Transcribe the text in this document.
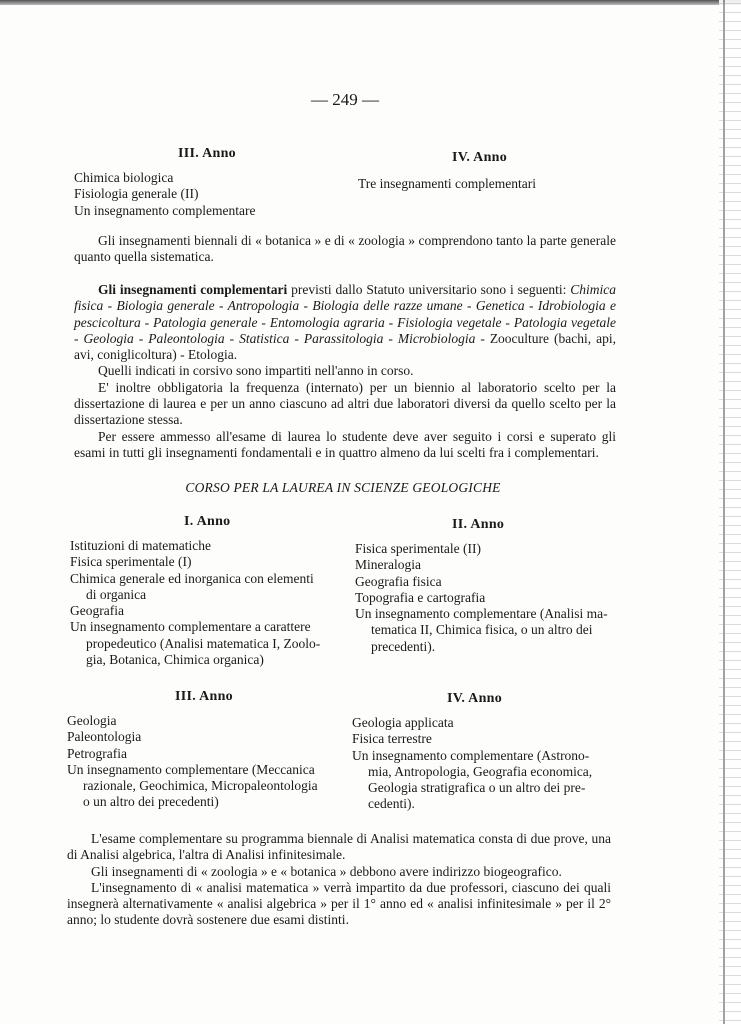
— 249 —
III. Anno
Chimica biologica
Fisiologia generale (II)
Un insegnamento complementare
IV. Anno
Tre insegnamenti complementari

Gli insegnamenti biennali di « botanica » e di « zoologia » comprendono tanto la parte generale quanto quella sistematica.

Gli insegnamenti complementari previsti dallo Statuto universitario sono i seguenti: Chimica fisica - Biologia generale - Antropologia - Biologia delle razze umane - Genetica - Idrobiologia e pescicoltura - Patologia generale - Entomologia agraria - Fisiologia vegetale - Patologia vegetale - Geologia - Paleontologia - Statistica - Parassitologia - Microbiologia - Zooculture (bachi, api, avi, coniglicoltura) - Etologia.

Quelli indicati in corsivo sono impartiti nell'anno in corso.

E' inoltre obbligatoria la frequenza (internato) per un biennio al laboratorio scelto per la dissertazione di laurea e per un anno ciascuno ad altri due laboratori diversi da quello scelto per la dissertazione stessa.

Per essere ammesso all'esame di laurea lo studente deve aver seguito i corsi e superato gli esami in tutti gli insegnamenti fondamentali e in quattro almeno da lui scelti fra i complementari.

CORSO PER LA LAUREA IN SCIENZE GEOLOGICHE
I. Anno
Istituzioni di matematiche
Fisica sperimentale (I)
Chimica generale ed inorganica con elementi
di organica
Geografia
Un insegnamento complementare a carattere
propedeutico (Analisi matematica I, Zoolo-
gia, Botanica, Chimica organica)
II. Anno
Fisica sperimentale (II)
Mineralogia
Geografia fisica
Topografia e cartografia
Un insegnamento complementare (Analisi ma-
tematica II, Chimica fisica, o un altro dei
precedenti).
III. Anno
Geologia
Paleontologia
Petrografia
Un insegnamento complementare (Meccanica
razionale, Geochimica, Micropaleontologia
o un altro dei precedenti)
IV. Anno
Geologia applicata
Fisica terrestre
Un insegnamento complementare (Astrono-
mia, Antropologia, Geografia economica,
Geologia stratigrafica o un altro dei pre-
cedenti).

L'esame complementare su programma biennale di Analisi matematica consta di due prove, una di Analisi algebrica, l'altra di Analisi infinitesimale.

Gli insegnamenti di « zoologia » e « botanica » debbono avere indirizzo biogeografico.

L'insegnamento di « analisi matematica » verrà impartito da due professori, ciascuno dei quali insegnerà alternativamente « analisi algebrica » per il 1° anno ed « analisi infinitesimale » per il 2° anno; lo studente dovrà sostenere due esami distinti.
